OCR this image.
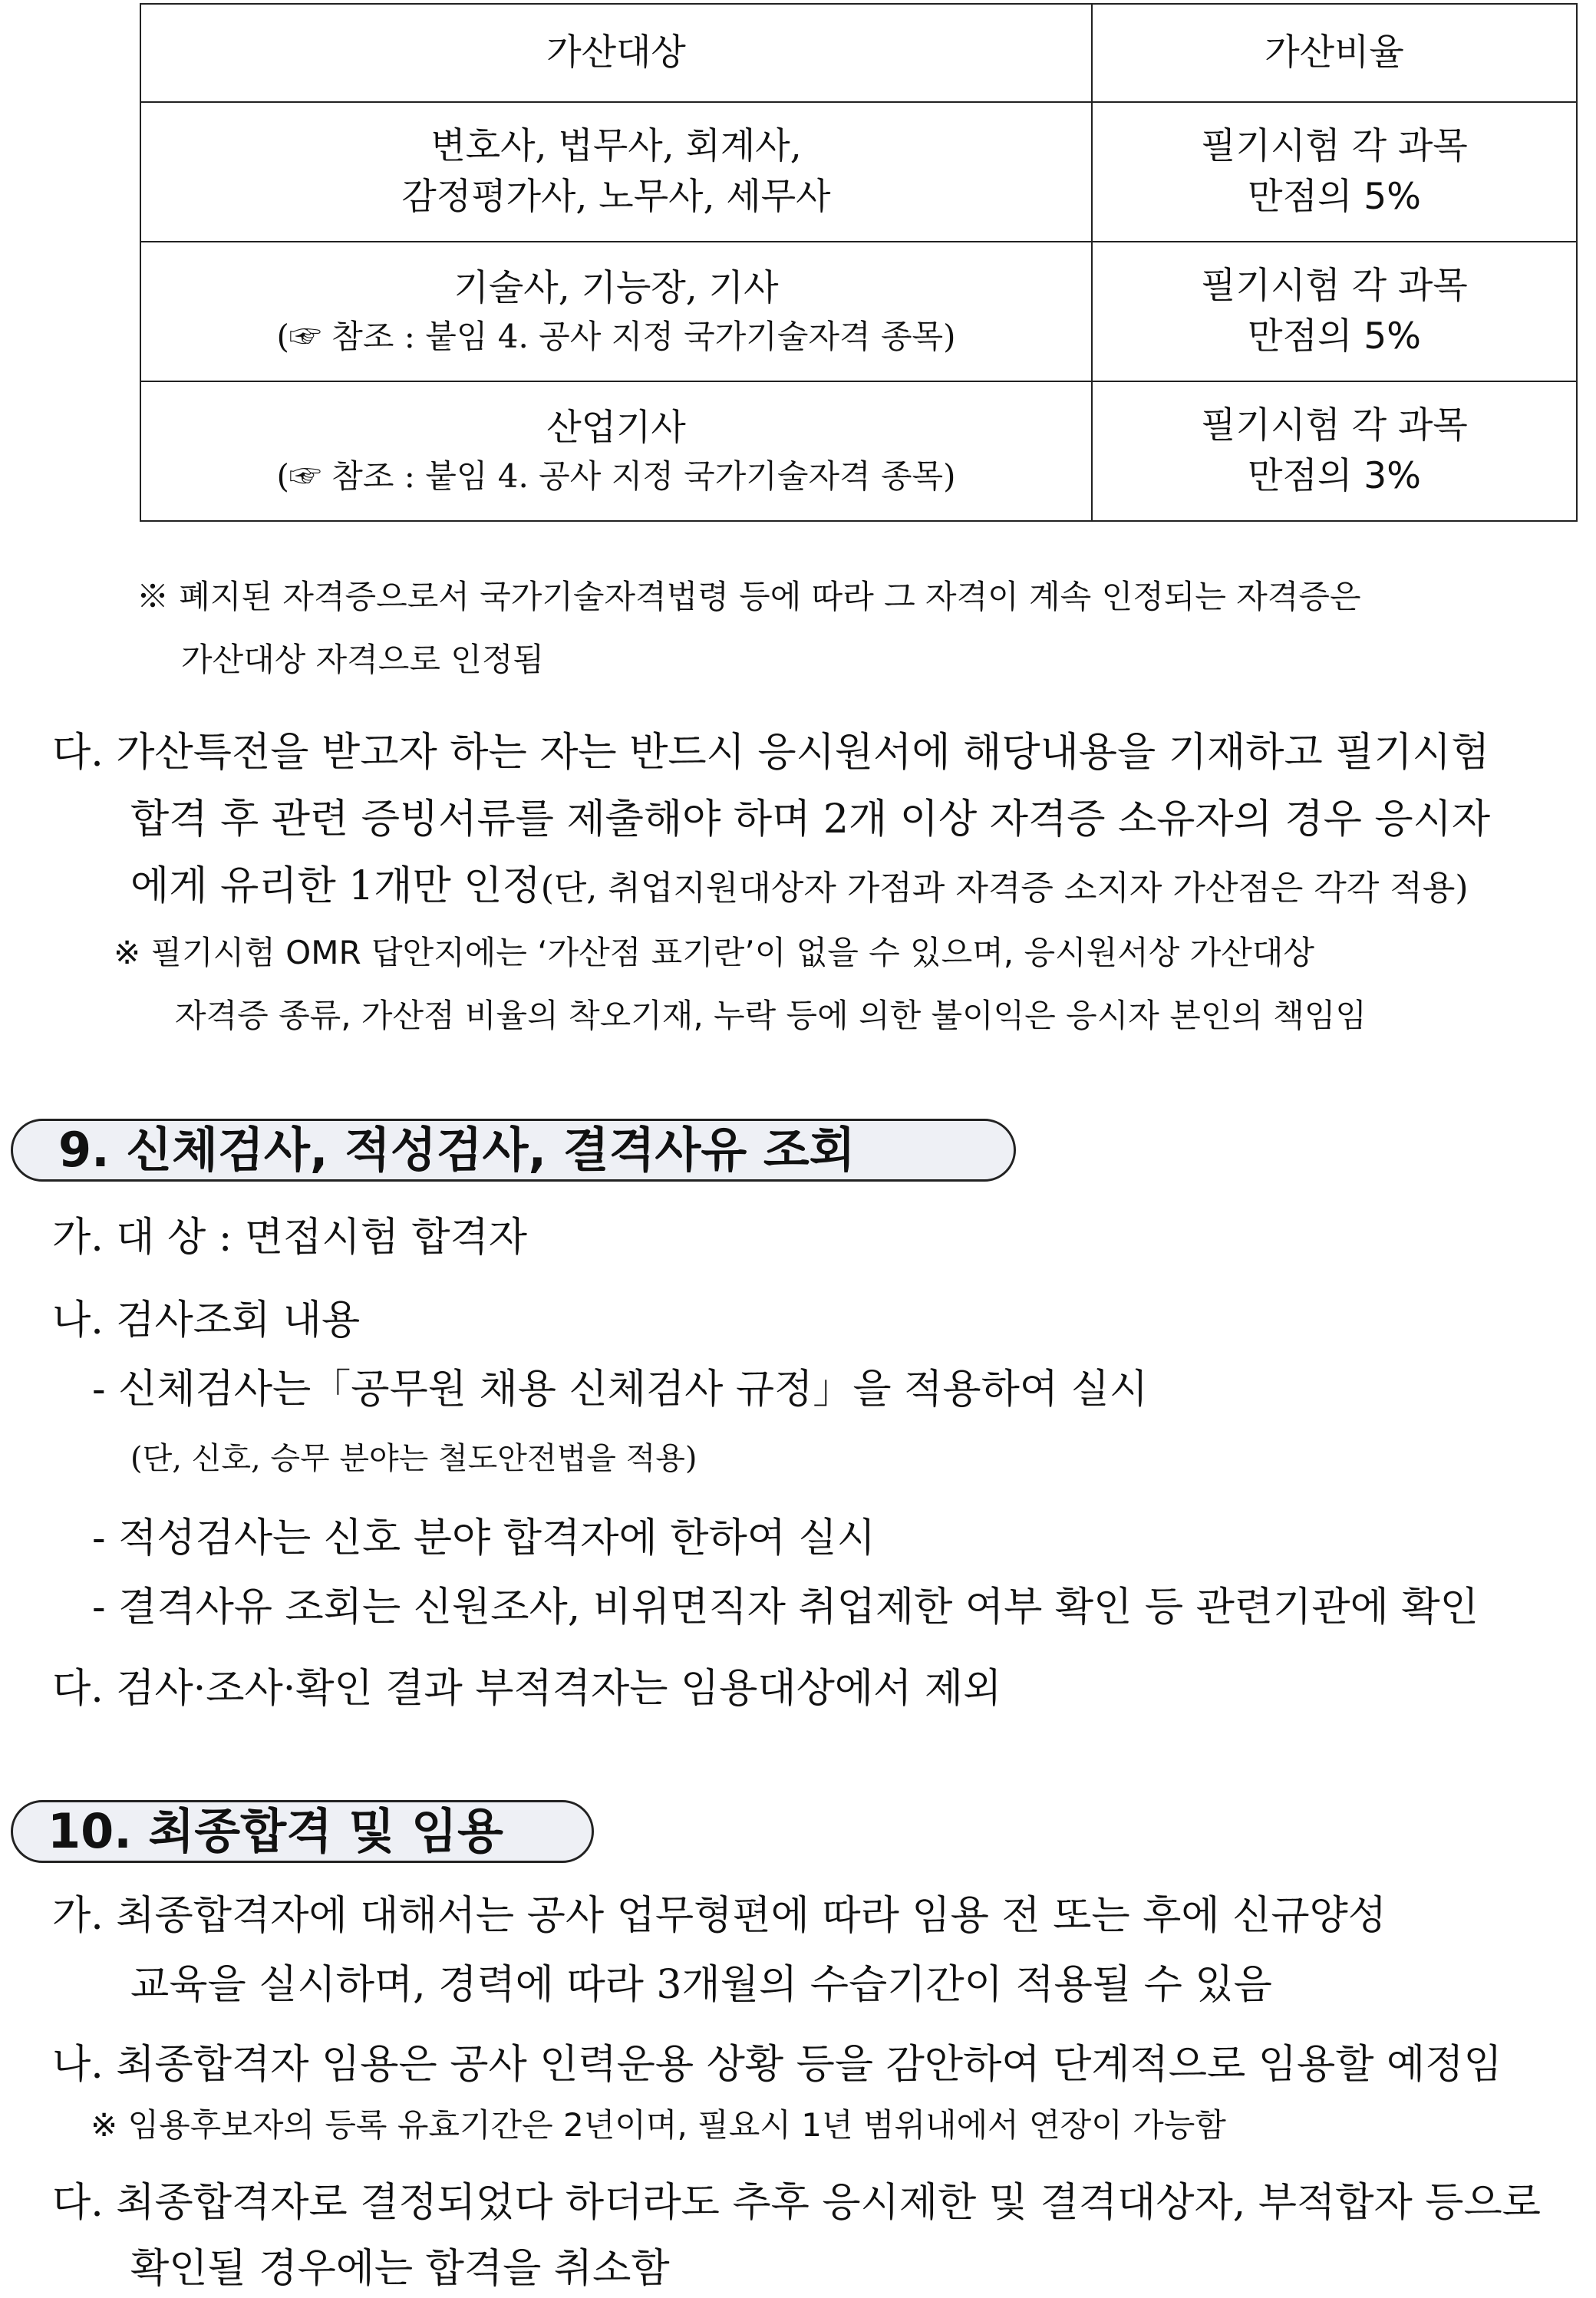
가산대상	가산비율

변호사, 법무사, 회계사,
감정평가사, 노무사, 세무사	필기시험 각 과목
만점의 5%

기술사, 기능장, 기사
(☞ 참조 : 붙임 4. 공사 지정 국가기술자격 종목)	필기시험 각 과목
만점의 5%

산업기사
(☞ 참조 : 붙임 4. 공사 지정 국가기술자격 종목)	필기시험 각 과목
만점의 3%
※ 폐지된 자격증으로서 국가기술자격법령 등에 따라 그 자격이 계속 인정되는 자격증은
가산대상 자격으로 인정됨
다. 가산특전을 받고자 하는 자는 반드시 응시원서에 해당내용을 기재하고 필기시험
합격 후 관련 증빙서류를 제출해야 하며 2개 이상 자격증 소유자의 경우 응시자
에게 유리한 1개만 인정(단, 취업지원대상자 가점과 자격증 소지자 가산점은 각각 적용)
※ 필기시험 OMR 답안지에는 ‘가산점 표기란’이 없을 수 있으며, 응시원서상 가산대상
자격증 종류, 가산점 비율의 착오기재, 누락 등에 의한 불이익은 응시자 본인의 책임임
9. 신체검사, 적성검사, 결격사유 조회
가. 대 상 : 면접시험 합격자
나. 검사조회 내용
- 신체검사는「공무원 채용 신체검사 규정」을 적용하여 실시
(단, 신호, 승무 분야는 철도안전법을 적용)
- 적성검사는 신호 분야 합격자에 한하여 실시
- 결격사유 조회는 신원조사, 비위면직자 취업제한 여부 확인 등 관련기관에 확인
다. 검사·조사·확인 결과 부적격자는 임용대상에서 제외
10. 최종합격 및 임용
가. 최종합격자에 대해서는 공사 업무형편에 따라 임용 전 또는 후에 신규양성
교육을 실시하며, 경력에 따라 3개월의 수습기간이 적용될 수 있음
나. 최종합격자 임용은 공사 인력운용 상황 등을 감안하여 단계적으로 임용할 예정임
※ 임용후보자의 등록 유효기간은 2년이며, 필요시 1년 범위내에서 연장이 가능함
다. 최종합격자로 결정되었다 하더라도 추후 응시제한 및 결격대상자, 부적합자 등으로
확인될 경우에는 합격을 취소함
